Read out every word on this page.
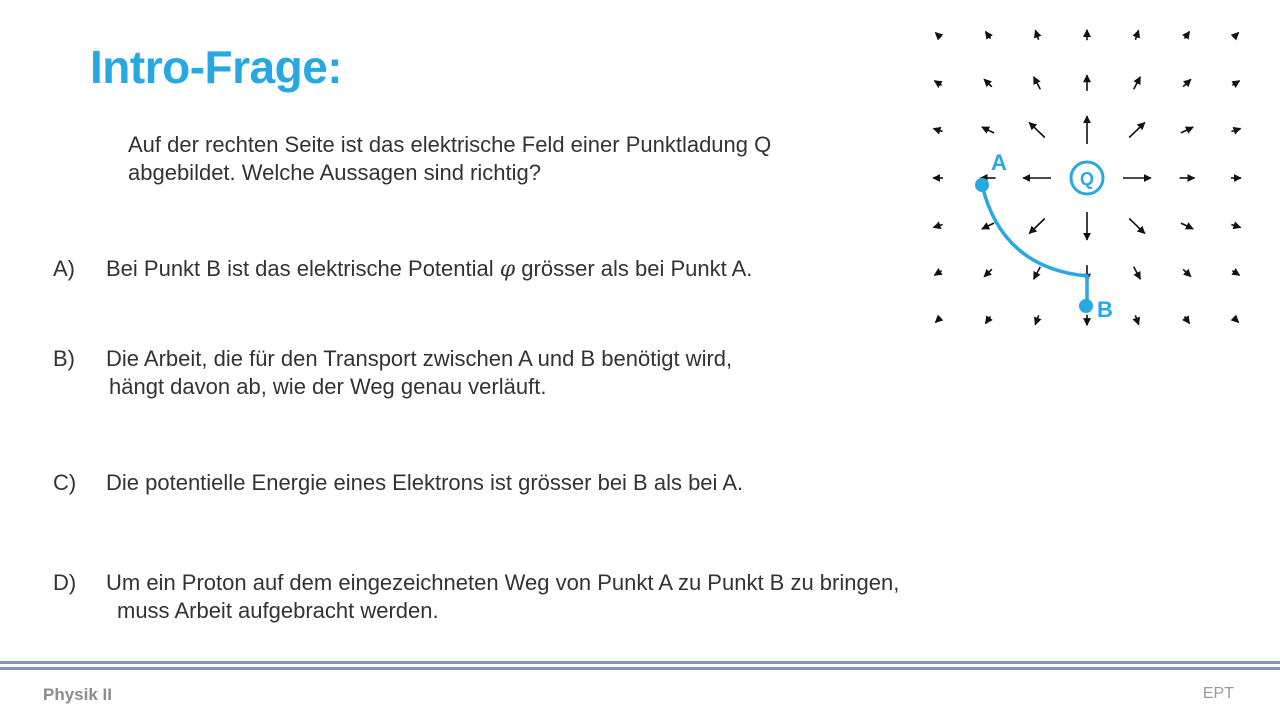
Intro-Frage:
Auf der rechten Seite ist das elektrische Feld einer Punktladung Q
abgebildet. Welche Aussagen sind richtig?
A)	Bei Punkt B ist das elektrische Potential φ grösser als bei Punkt A.
B)	Die Arbeit, die für den Transport zwischen A und B benötigt wird,
hängt davon ab, wie der Weg genau verläuft.
C)	Die potentielle Energie eines Elektrons ist grösser bei B als bei A.
D)	Um ein Proton auf dem eingezeichneten Weg von Punkt A zu Punkt B zu bringen,
muss Arbeit aufgebracht werden.
Q
A
B
Physik II	EPT
